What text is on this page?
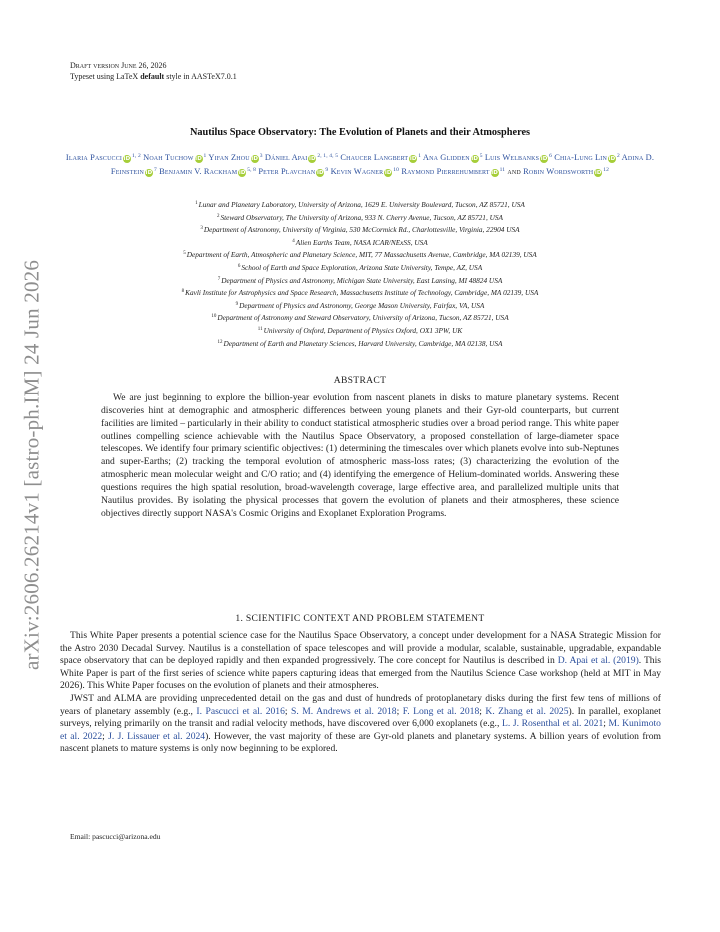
arXiv:2606.26214v1 [astro-ph.IM] 24 Jun 2026
Draft version June 26, 2026
Typeset using LaTeX default style in AASTeX7.0.1
Nautilus Space Observatory: The Evolution of Planets and their Atmospheres
Ilaria Pascucci iD $^{1, 2}$ Noah Tuchow iD $^1$ Yifan Zhou iD $^3$ Dániel Apai iD $^{2, 1, 4, 5}$ Chaucer Langbert iD $^1$ Ana Glidden iD $^5$ Luis Welbanks iD $^6$ Chia-Lung Lin iD $^2$ Adina D. Feinstein iD $^7$ Benjamin V. Rackham iD $^{5, 8}$ Peter Plavchan iD $^9$ Kevin Wagner iD $^{10}$ Raymond Pierrehumbert iD $^{11}$ and Robin Wordsworth iD $^{12}$
$^1$Lunar and Planetary Laboratory, University of Arizona, 1629 E. University Boulevard, Tucson, AZ 85721, USA
$^2$Steward Observatory, The University of Arizona, 933 N. Cherry Avenue, Tucson, AZ 85721, USA
$^3$Department of Astronomy, University of Virginia, 530 McCormick Rd., Charlottesville, Virginia, 22904 USA
$^4$Alien Earths Team, NASA ICAR/NExSS, USA
$^5$Department of Earth, Atmospheric and Planetary Science, MIT, 77 Massachusetts Avenue, Cambridge, MA 02139, USA
$^6$School of Earth and Space Exploration, Arizona State University, Tempe, AZ, USA
$^7$Department of Physics and Astronomy, Michigan State University, East Lansing, MI 48824 USA
$^8$Kavli Institute for Astrophysics and Space Research, Massachusetts Institute of Technology, Cambridge, MA 02139, USA
$^9$Department of Physics and Astronomy, George Mason University, Fairfax, VA, USA
$^{10}$Department of Astronomy and Steward Observatory, University of Arizona, Tucson, AZ 85721, USA
$^{11}$University of Oxford, Department of Physics Oxford, OX1 3PW, UK
$^{12}$Department of Earth and Planetary Sciences, Harvard University, Cambridge, MA 02138, USA
ABSTRACT

We are just beginning to explore the billion-year evolution from nascent planets in disks to mature planetary systems. Recent discoveries hint at demographic and atmospheric differences between young planets and their Gyr-old counterparts, but current facilities are limited – particularly in their ability to conduct statistical atmospheric studies over a broad period range. This white paper outlines compelling science achievable with the Nautilus Space Observatory, a proposed constellation of large-diameter space telescopes. We identify four primary scientific objectives: (1) determining the timescales over which planets evolve into sub-Neptunes and super-Earths; (2) tracking the temporal evolution of atmospheric mass-loss rates; (3) characterizing the evolution of the atmospheric mean molecular weight and C/O ratio; and (4) identifying the emergence of Helium-dominated worlds. Answering these questions requires the high spatial resolution, broad-wavelength coverage, large effective area, and parallelized multiple units that Nautilus provides. By isolating the physical processes that govern the evolution of planets and their atmospheres, these science objectives directly support NASA's Cosmic Origins and Exoplanet Exploration Programs.

1. SCIENTIFIC CONTEXT AND PROBLEM STATEMENT

This White Paper presents a potential science case for the Nautilus Space Observatory, a concept under development for a NASA Strategic Mission for the Astro 2030 Decadal Survey. Nautilus is a constellation of space telescopes and will provide a modular, scalable, sustainable, upgradable, expandable space observatory that can be deployed rapidly and then expanded progressively. The core concept for Nautilus is described in D. Apai et al. (2019). This White Paper is part of the first series of science white papers capturing ideas that emerged from the Nautilus Science Case workshop (held at MIT in May 2026). This White Paper focuses on the evolution of planets and their atmospheres.

JWST and ALMA are providing unprecedented detail on the gas and dust of hundreds of protoplanetary disks during the first few tens of millions of years of planetary assembly (e.g., I. Pascucci et al. 2016; S. M. Andrews et al. 2018; F. Long et al. 2018; K. Zhang et al. 2025). In parallel, exoplanet surveys, relying primarily on the transit and radial velocity methods, have discovered over 6,000 exoplanets (e.g., L. J. Rosenthal et al. 2021; M. Kunimoto et al. 2022; J. J. Lissauer et al. 2024). However, the vast majority of these are Gyr-old planets and planetary systems. A billion years of evolution from nascent planets to mature systems is only now beginning to be explored.

Email: pascucci@arizona.edu
